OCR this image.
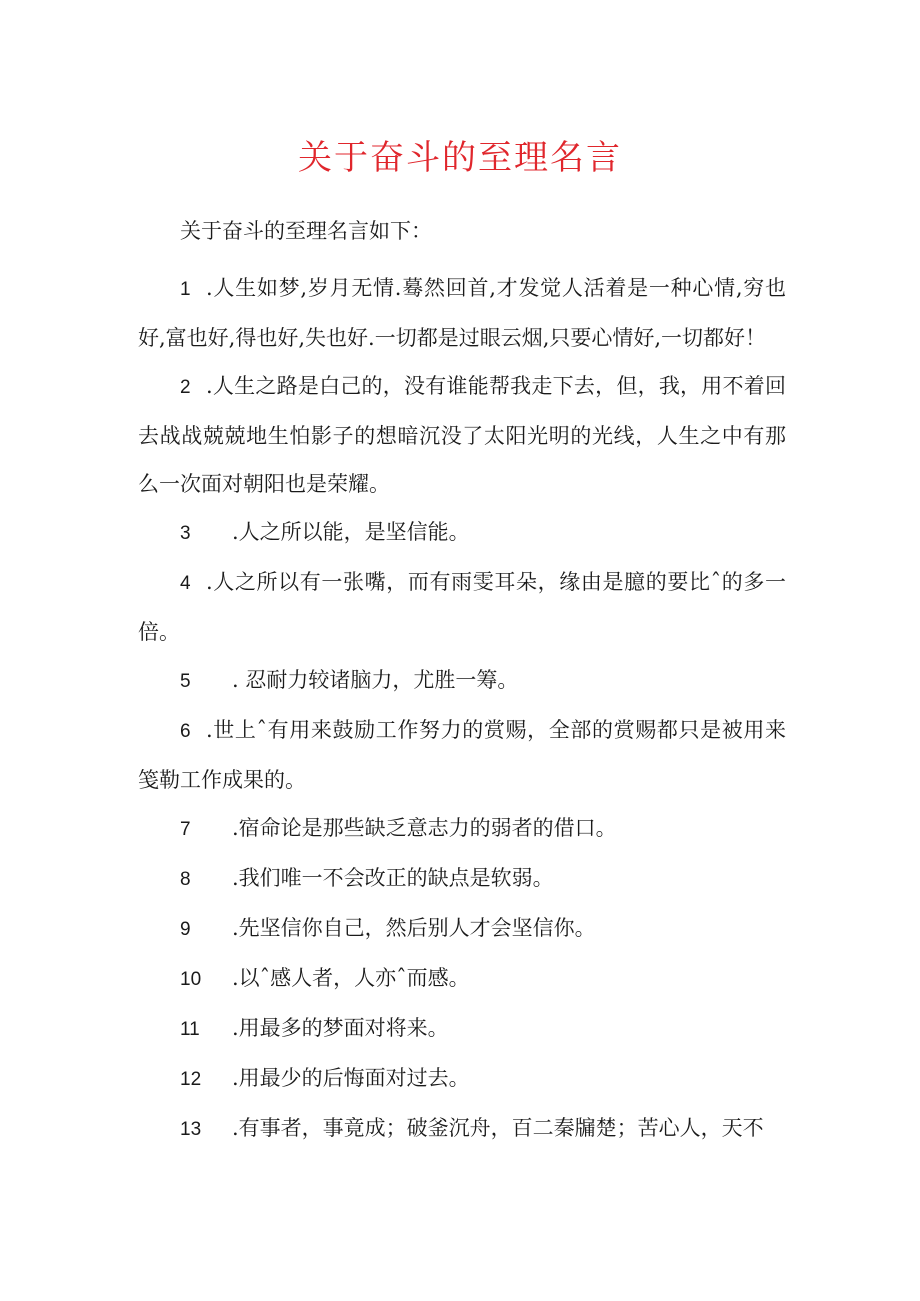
关于奋斗的至理名言

关于奋斗的至理名言如下：

1 .人生如梦,岁月无情.蓦然回首,才发觉人活着是一种心情,穷也好,富也好,得也好,失也好.一切都是过眼云烟,只要心情好,一切都好！

2 .人生之路是白己的，没有谁能帮我走下去，但，我，用不着回去战战兢兢地生怕影子的想暗沉没了太阳光明的光线，人生之中有那么一次面对朝阳也是荣耀。

3 .人之所以能，是坚信能。

4 .人之所以有一张嘴，而有雨雯耳朵，缘由是臆的要比ˆ的多一倍。

5 . 忍耐力较诸脑力，尤胜一筹。

6 .世上ˆ有用来鼓励工作努力的赏赐，全部的赏赐都只是被用来笺勒工作成果的。

7 .宿命论是那些缺乏意志力的弱者的借口。

8 .我们唯一不会改正的缺点是软弱。

9 .先坚信你自己，然后别人才会坚信你。

10 .以ˆ感人者，人亦ˆ而感。

11 .用最多的梦面对将来。

12 .用最少的后悔面对过去。

13 .有事者，事竟成；破釜沉舟，百二秦牖楚；苦心人，天不
